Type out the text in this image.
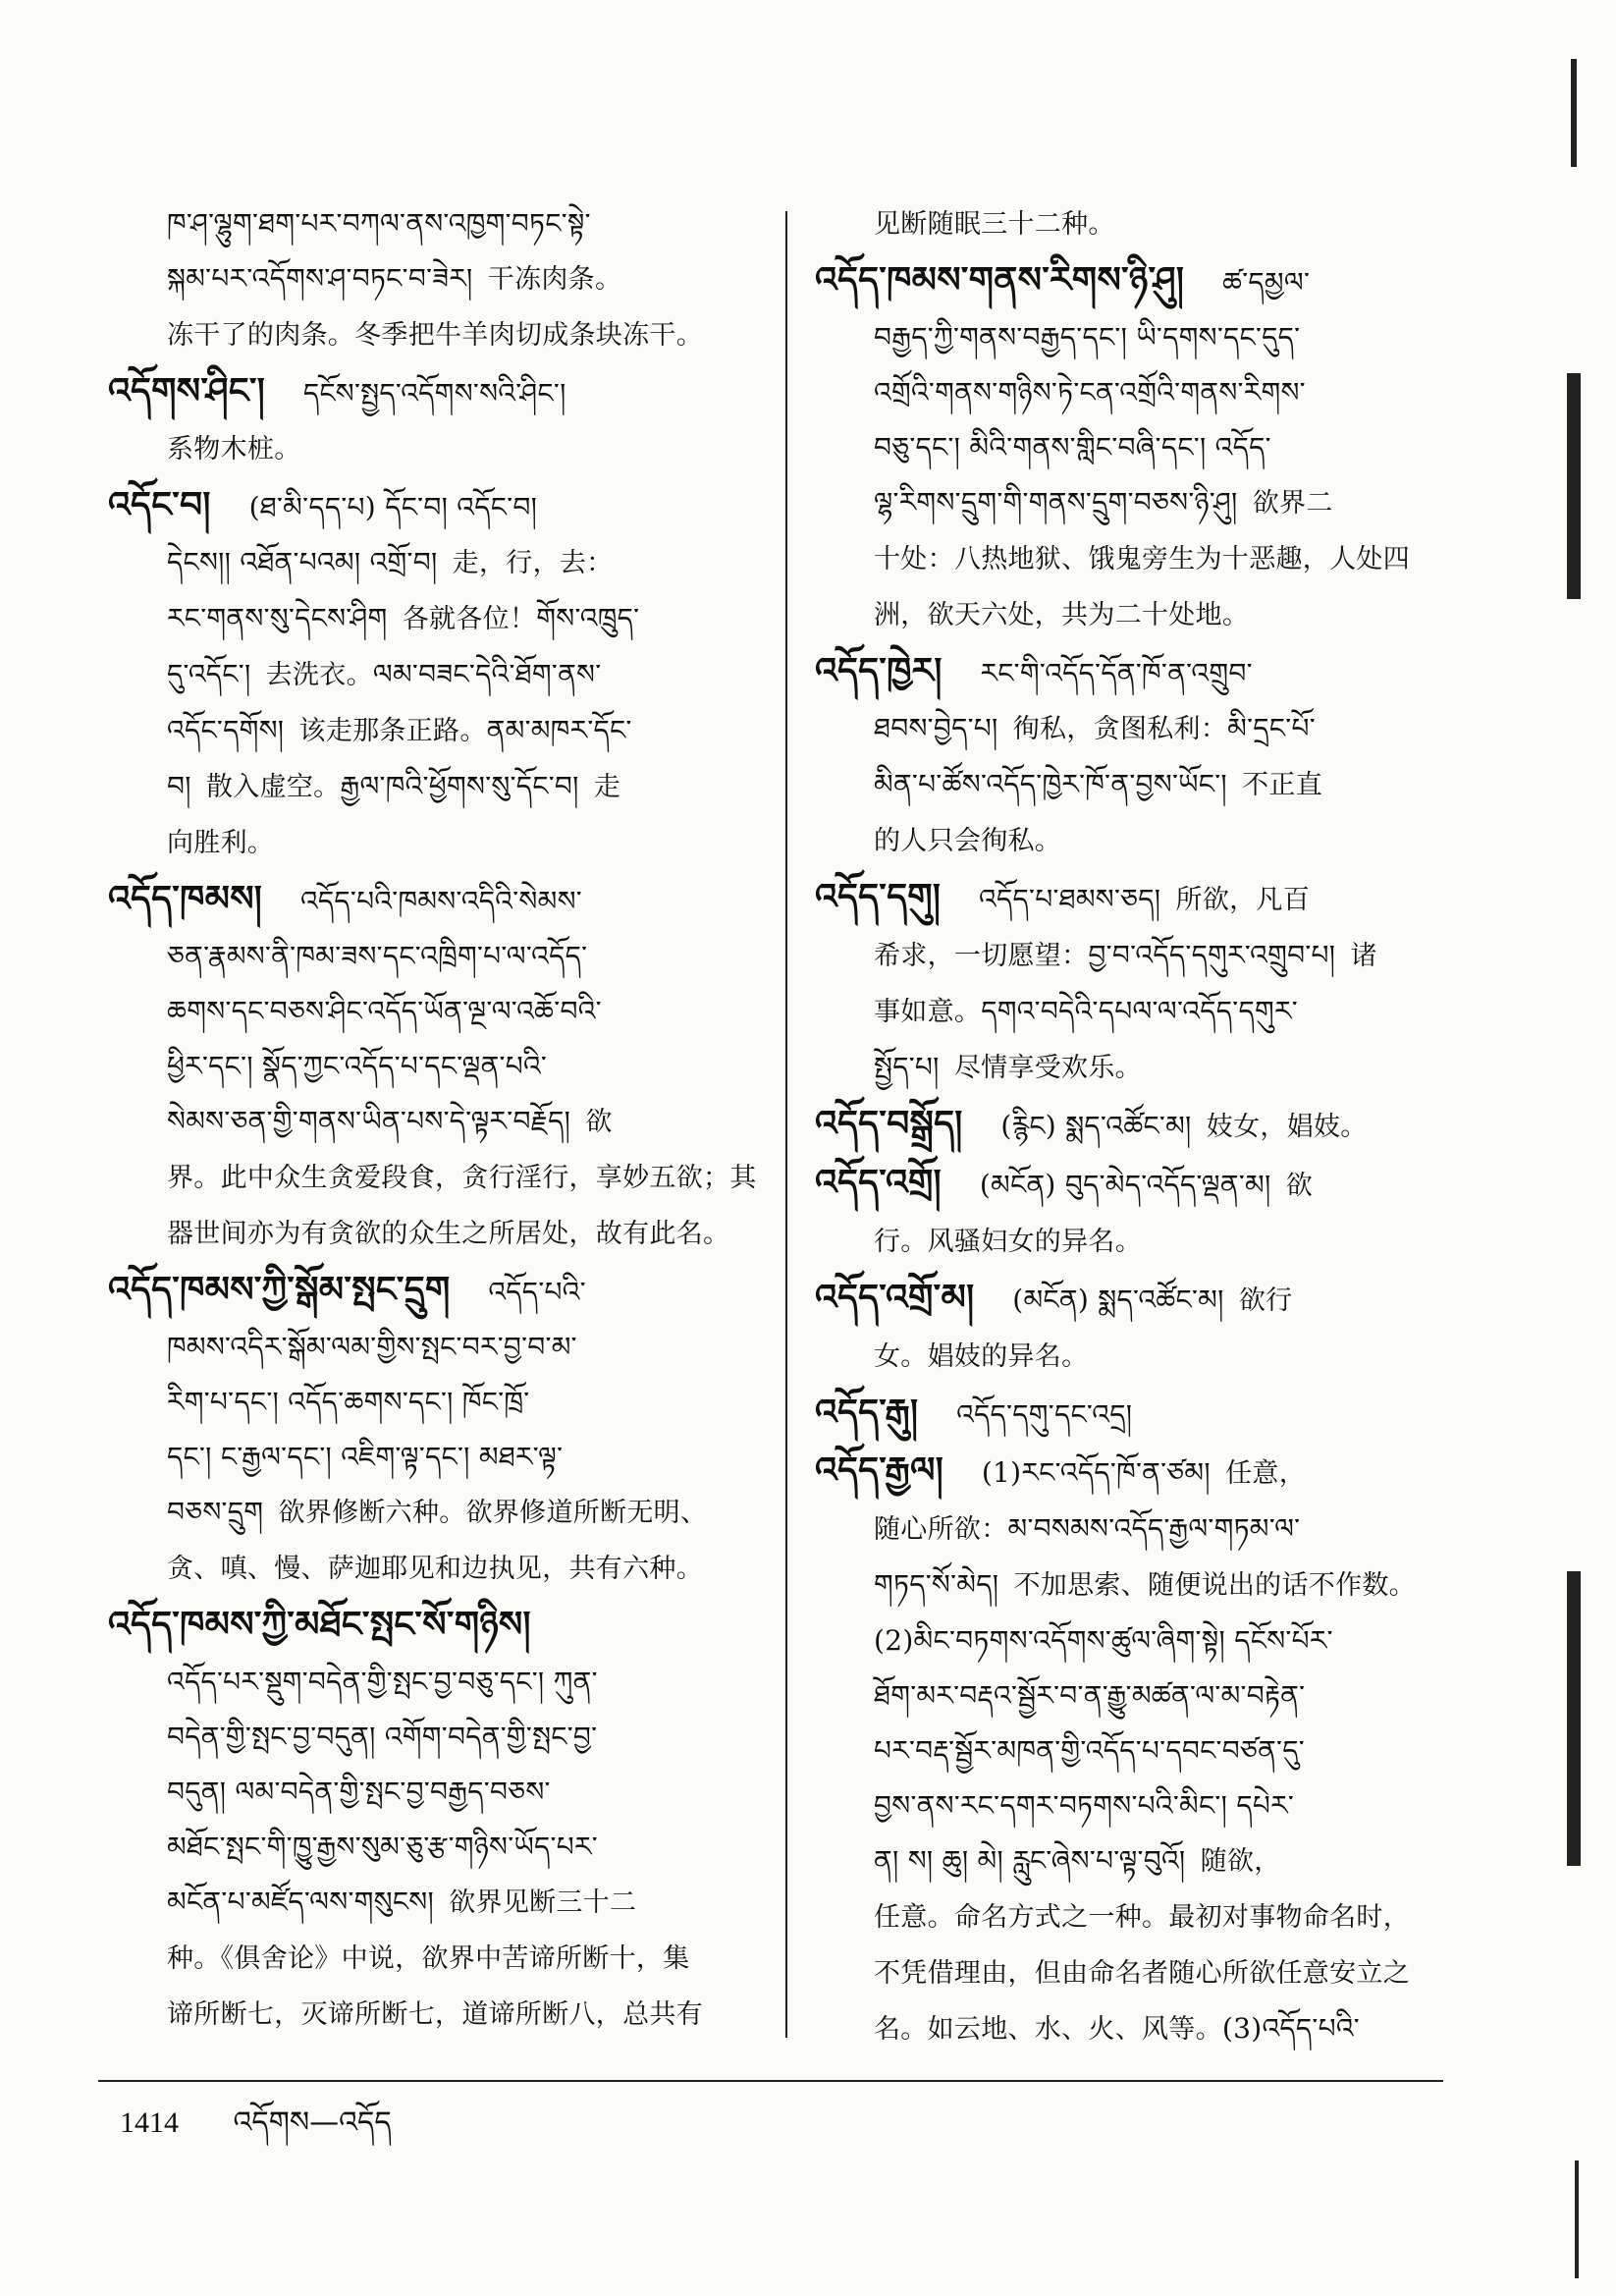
ཁ་ཤ་ལྷུག་ཐག་པར་བཀལ་ནས་འཁྱག་བཏང་སྟེ་
སྐམ་པར་འདོགས་ཤ་བཏང་བ་ཟེར། 干冻肉条。
冻干了的肉条。冬季把牛羊肉切成条块冻干。
འདོགས་ཤིང་། དངོས་སྤྱད་འདོགས་སའི་ཤིང་།
系物木桩。
འདོང་བ། (ཐ་མི་དད་པ) དོང་བ། འདོང་བ།
དེངས།། འཐོན་པའམ། འགྲོ་བ། 走，行，去：
རང་གནས་སུ་དེངས་ཤིག 各就各位！གོས་འཁྲུད་
དུ་འདོང་། 去洗衣。ལམ་བཟང་དེའི་ཐོག་ནས་
འདོང་དགོས། 该走那条正路。ནམ་མཁར་དོང་
བ། 散入虚空。རྒྱལ་ཁའི་ཕྱོགས་སུ་དོང་བ། 走
向胜利。
འདོད་ཁམས། འདོད་པའི་ཁམས་འདིའི་སེམས་
ཅན་རྣམས་ནི་ཁམ་ཟས་དང་འཁྲིག་པ་ལ་འདོད་
ཆགས་དང་བཅས་ཤིང་འདོད་ཡོན་ལྔ་ལ་འཆོ་བའི་
ཕྱིར་དང་། སྣོད་ཀྱང་འདོད་པ་དང་ལྡན་པའི་
སེམས་ཅན་གྱི་གནས་ཡིན་པས་དེ་ལྟར་བརྗོད། 欲
界。此中众生贪爱段食，贪行淫行，享妙五欲；其
器世间亦为有贪欲的众生之所居处，故有此名。
འདོད་ཁམས་ཀྱི་སྒོམ་སྤང་དྲུག འདོད་པའི་
ཁམས་འདིར་སྒོམ་ལམ་གྱིས་སྤང་བར་བྱ་བ་མ་
རིག་པ་དང་། འདོད་ཆགས་དང་། ཁོང་ཁྲོ་
དང་། ང་རྒྱལ་དང་། འཇིག་ལྟ་དང་། མཐར་ལྟ་
བཅས་དྲུག 欲界修断六种。欲界修道所断无明、
贪、嗔、慢、萨迦耶见和边执见，共有六种。
འདོད་ཁམས་ཀྱི་མཐོང་སྤང་སོ་གཉིས།
འདོད་པར་སྡུག་བདེན་གྱི་སྤང་བྱ་བཅུ་དང་། ཀུན་
བདེན་གྱི་སྤང་བྱ་བདུན། འགོག་བདེན་གྱི་སྤང་བྱ་
བདུན། ལམ་བདེན་གྱི་སྤང་བྱ་བརྒྱད་བཅས་
མཐོང་སྤང་གི་ཁྱུ་རྒྱས་སུམ་ཅུ་རྩ་གཉིས་ཡོད་པར་
མངོན་པ་མཛོད་ལས་གསུངས། 欲界见断三十二
种。《俱舍论》中说，欲界中苦谛所断十，集
谛所断七，灭谛所断七，道谛所断八，总共有
见断随眠三十二种。
འདོད་ཁམས་གནས་རིགས་ཉི་ཤུ། ཚ་དམྱལ་
བརྒྱད་ཀྱི་གནས་བརྒྱད་དང་། ཡི་དགས་དང་དུད་
འགྲོའི་གནས་གཉིས་ཏེ་ངན་འགྲོའི་གནས་རིགས་
བཅུ་དང་། མིའི་གནས་གླིང་བཞི་དང་། འདོད་
ལྷ་རིགས་དྲུག་གི་གནས་དྲུག་བཅས་ཉི་ཤུ། 欲界二
十处：八热地狱、饿鬼旁生为十恶趣，人处四
洲，欲天六处，共为二十处地。
འདོད་ཁྱེར། རང་གི་འདོད་དོན་ཁོ་ན་འགྲུབ་
ཐབས་བྱེད་པ། 徇私，贪图私利：མི་དྲང་པོ་
མིན་པ་ཚོས་འདོད་ཁྱེར་ཁོ་ན་བྱས་ཡོང་། 不正直
的人只会徇私。
འདོད་དགུ། འདོད་པ་ཐམས་ཅད། 所欲，凡百
希求，一切愿望：བྱ་བ་འདོད་དགུར་འགྲུབ་པ། 诸
事如意。དགའ་བདེའི་དཔལ་ལ་འདོད་དགུར་
སྤྱོད་པ། 尽情享受欢乐。
འདོད་བསྒྲོད། (རྙིང) སྨད་འཚོང་མ། 妓女，娼妓。
འདོད་འགྲོ། (མངོན) བུད་མེད་འདོད་ལྡན་མ། 欲
行。风骚妇女的异名。
འདོད་འགྲོ་མ། (མངོན) སྨད་འཚོང་མ། 欲行
女。娼妓的异名。
འདོད་རྒུ། འདོད་དགུ་དང་འདྲ།
འདོད་རྒྱལ། (1)རང་འདོད་ཁོ་ན་ཙམ། 任意，
随心所欲：མ་བསམས་འདོད་རྒྱལ་གཏམ་ལ་
གཏད་སོ་མེད། 不加思索、随便说出的话不作数。
(2)མིང་བཏགས་འདོགས་ཚུལ་ཞིག་སྟེ། དངོས་པོར་
ཐོག་མར་བརྡའ་སྦྱོར་བ་ན་རྒྱུ་མཚན་ལ་མ་བརྟེན་
པར་བརྡ་སྦྱོར་མཁན་གྱི་འདོད་པ་དབང་བཙན་དུ་
བྱས་ནས་རང་དགར་བཏགས་པའི་མིང་། དཔེར་
ན། ས། ཆུ། མེ། རླུང་ཞེས་པ་ལྟ་བུའོ། 随欲，
任意。命名方式之一种。最初对事物命名时，
不凭借理由，但由命名者随心所欲任意安立之
名。如云地、水、火、风等。(3)འདོད་པའི་
1414 འདོགས—འདོད
